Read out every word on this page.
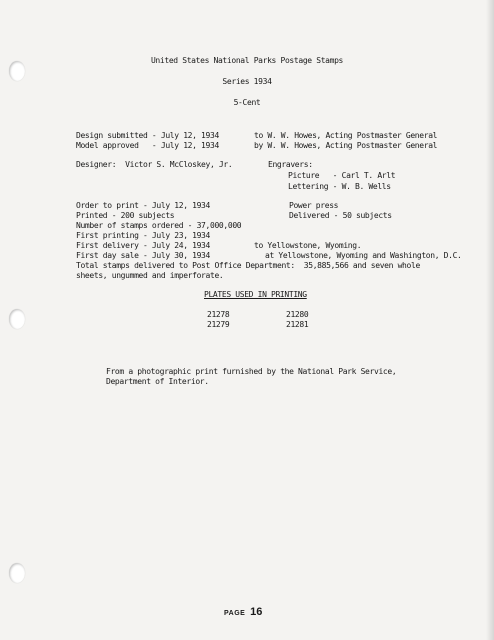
United States National Parks Postage Stamps
Series 1934
5-Cent
Design submitted - July 12, 1934	to W. W. Howes, Acting Postmaster General
Model approved   - July 12, 1934	by W. W. Howes, Acting Postmaster General
Designer:  Victor S. McCloskey, Jr.	Engravers:
Picture   - Carl T. Arlt
Lettering - W. B. Wells
Order to print - July 12, 1934	Power press
Printed - 200 subjects	Delivered - 50 subjects
Number of stamps ordered - 37,000,000
First printing - July 23, 1934
First delivery - July 24, 1934	to Yellowstone, Wyoming.
First day sale - July 30, 1934	at Yellowstone, Wyoming and Washington, D.C.
Total stamps delivered to Post Office Department:  35,885,566 and seven whole
sheets, ungummed and imperforate.
PLATES USED IN PRINTING
21278	21280
21279	21281
From a photographic print furnished by the National Park Service,
Department of Interior.
PAGE 16
